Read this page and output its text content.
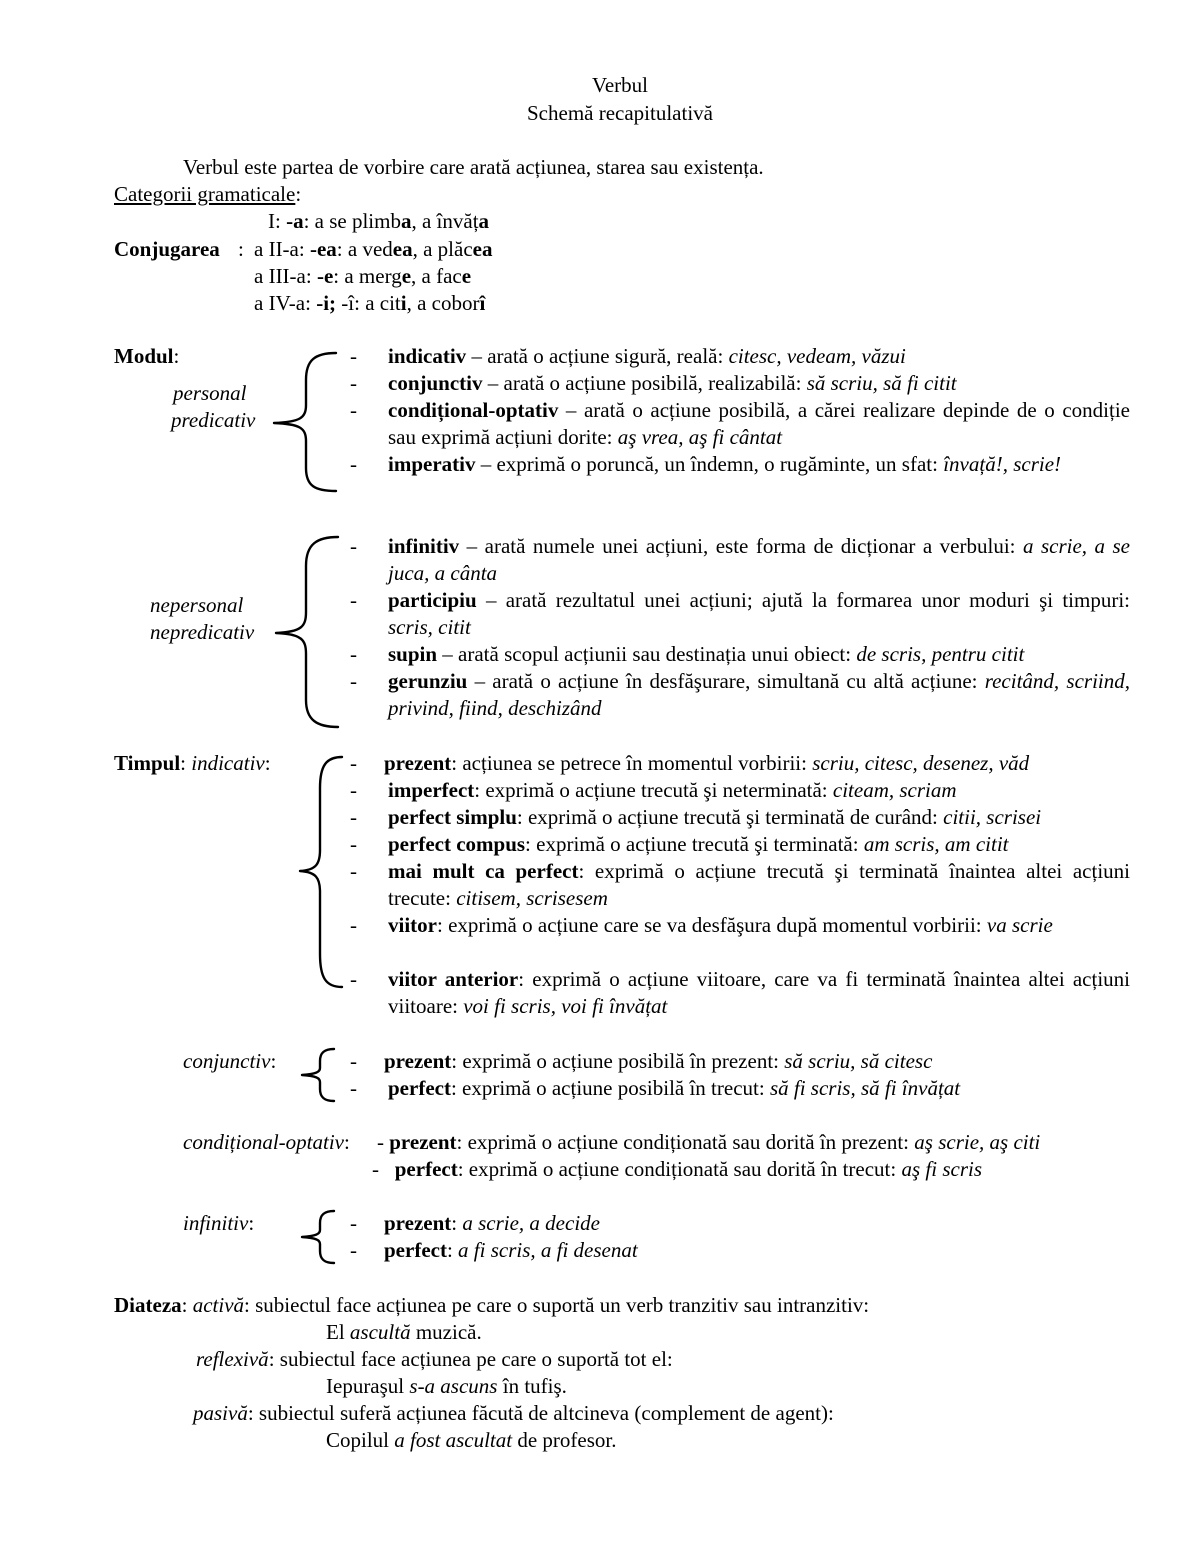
Verbul
Schemă recapitulativă
Verbul este partea de vorbire care arată acțiunea, starea sau existența.
Categorii gramaticale:
Conjugarea :
I: -a: a se plimba, a învăța
a II-a: -ea: a vedea, a plăcea
a III-a: -e: a merge, a face
a IV-a: -i; -î: a citi, a coborî
Modul:
personal
predicativ
- indicativ – arată o acțiune sigură, reală: citesc, vedeam, văzui
- conjunctiv – arată o acțiune posibilă, realizabilă: să scriu, să fi citit
- condițional-optativ – arată o acțiune posibilă, a cărei realizare depinde de o condiție sau exprimă acțiuni dorite: aş vrea, aş fi cântat
- imperativ – exprimă o poruncă, un îndemn, o rugăminte, un sfat: învață!, scrie!
nepersonal
nepredicativ
- infinitiv – arată numele unei acțiuni, este forma de dicționar a verbului: a scrie, a se juca, a cânta
- participiu – arată rezultatul unei acțiuni; ajută la formarea unor moduri şi timpuri: scris, citit
- supin – arată scopul acțiunii sau destinația unui obiect: de scris, pentru citit
- gerunziu – arată o acțiune în desfăşurare, simultană cu altă acțiune: recitând, scriind, privind, fiind, deschizând
Timpul: indicativ:	- prezent: acțiunea se petrece în momentul vorbirii: scriu, citesc, desenez, văd
- imperfect: exprimă o acțiune trecută şi neterminată: citeam, scriam
- perfect simplu: exprimă o acțiune trecută şi terminată de curând: citii, scrisei
- perfect compus: exprimă o acțiune trecută şi terminată: am scris, am citit
- mai mult ca perfect: exprimă o acțiune trecută şi terminată înaintea altei acțiuni trecute: citisem, scrisesem
- viitor: exprimă o acțiune care se va desfăşura după momentul vorbirii: va scrie
- viitor anterior: exprimă o acțiune viitoare, care va fi terminată înaintea altei acțiuni viitoare: voi fi scris, voi fi învățat
conjunctiv:	- prezent: exprimă o acțiune posibilă în prezent: să scriu, să citesc
- perfect: exprimă o acțiune posibilă în trecut: să fi scris, să fi învățat
condițional-optativ: - prezent: exprimă o acțiune condiționată sau dorită în prezent: aş scrie, aş citi
- perfect: exprimă o acțiune condiționată sau dorită în trecut: aş fi scris
infinitiv:	- prezent: a scrie, a decide
- perfect: a fi scris, a fi desenat
Diateza: activă: subiectul face acțiunea pe care o suportă un verb tranzitiv sau intranzitiv:
El ascultă muzică.
reflexivă: subiectul face acțiunea pe care o suportă tot el:
Iepuraşul s-a ascuns în tufiş.
pasivă: subiectul suferă acțiunea făcută de altcineva (complement de agent):
Copilul a fost ascultat de profesor.
